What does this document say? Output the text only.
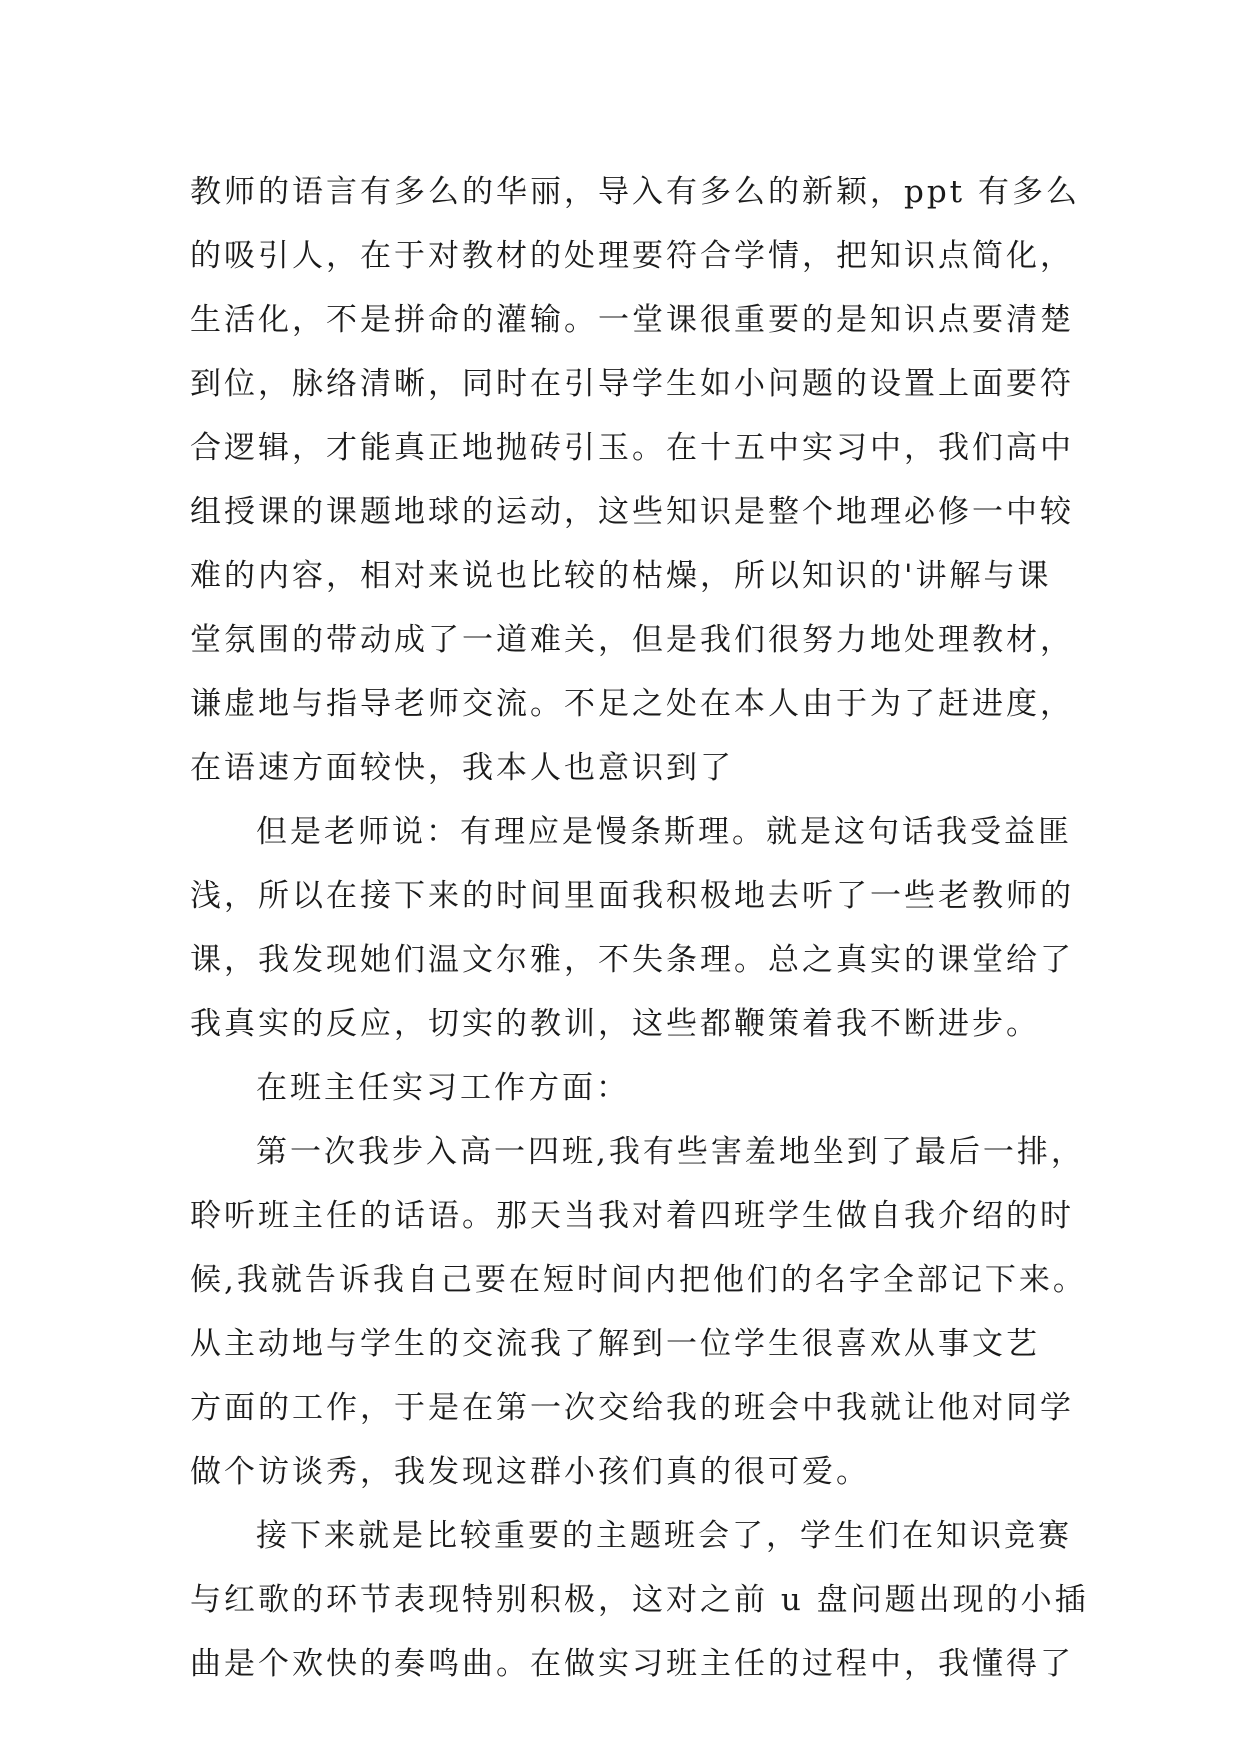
教师的语言有多么的华丽，导入有多么的新颖，ppt 有多么
的吸引人，在于对教材的处理要符合学情，把知识点简化，
生活化，不是拼命的灌输。一堂课很重要的是知识点要清楚
到位，脉络清晰，同时在引导学生如小问题的设置上面要符
合逻辑，才能真正地抛砖引玉。在十五中实习中，我们高中
组授课的课题地球的运动，这些知识是整个地理必修一中较
难的内容，相对来说也比较的枯燥，所以知识的'讲解与课
堂氛围的带动成了一道难关，但是我们很努力地处理教材，
谦虚地与指导老师交流。不足之处在本人由于为了赶进度，
在语速方面较快，我本人也意识到了
但是老师说：有理应是慢条斯理。就是这句话我受益匪
浅，所以在接下来的时间里面我积极地去听了一些老教师的
课，我发现她们温文尔雅，不失条理。总之真实的课堂给了
我真实的反应，切实的教训，这些都鞭策着我不断进步。
在班主任实习工作方面：
第一次我步入高一四班,我有些害羞地坐到了最后一排，
聆听班主任的话语。那天当我对着四班学生做自我介绍的时
候,我就告诉我自己要在短时间内把他们的名字全部记下来。
从主动地与学生的交流我了解到一位学生很喜欢从事文艺
方面的工作，于是在第一次交给我的班会中我就让他对同学
做个访谈秀，我发现这群小孩们真的很可爱。
接下来就是比较重要的主题班会了，学生们在知识竞赛
与红歌的环节表现特别积极，这对之前 u 盘问题出现的小插
曲是个欢快的奏鸣曲。在做实习班主任的过程中，我懂得了
